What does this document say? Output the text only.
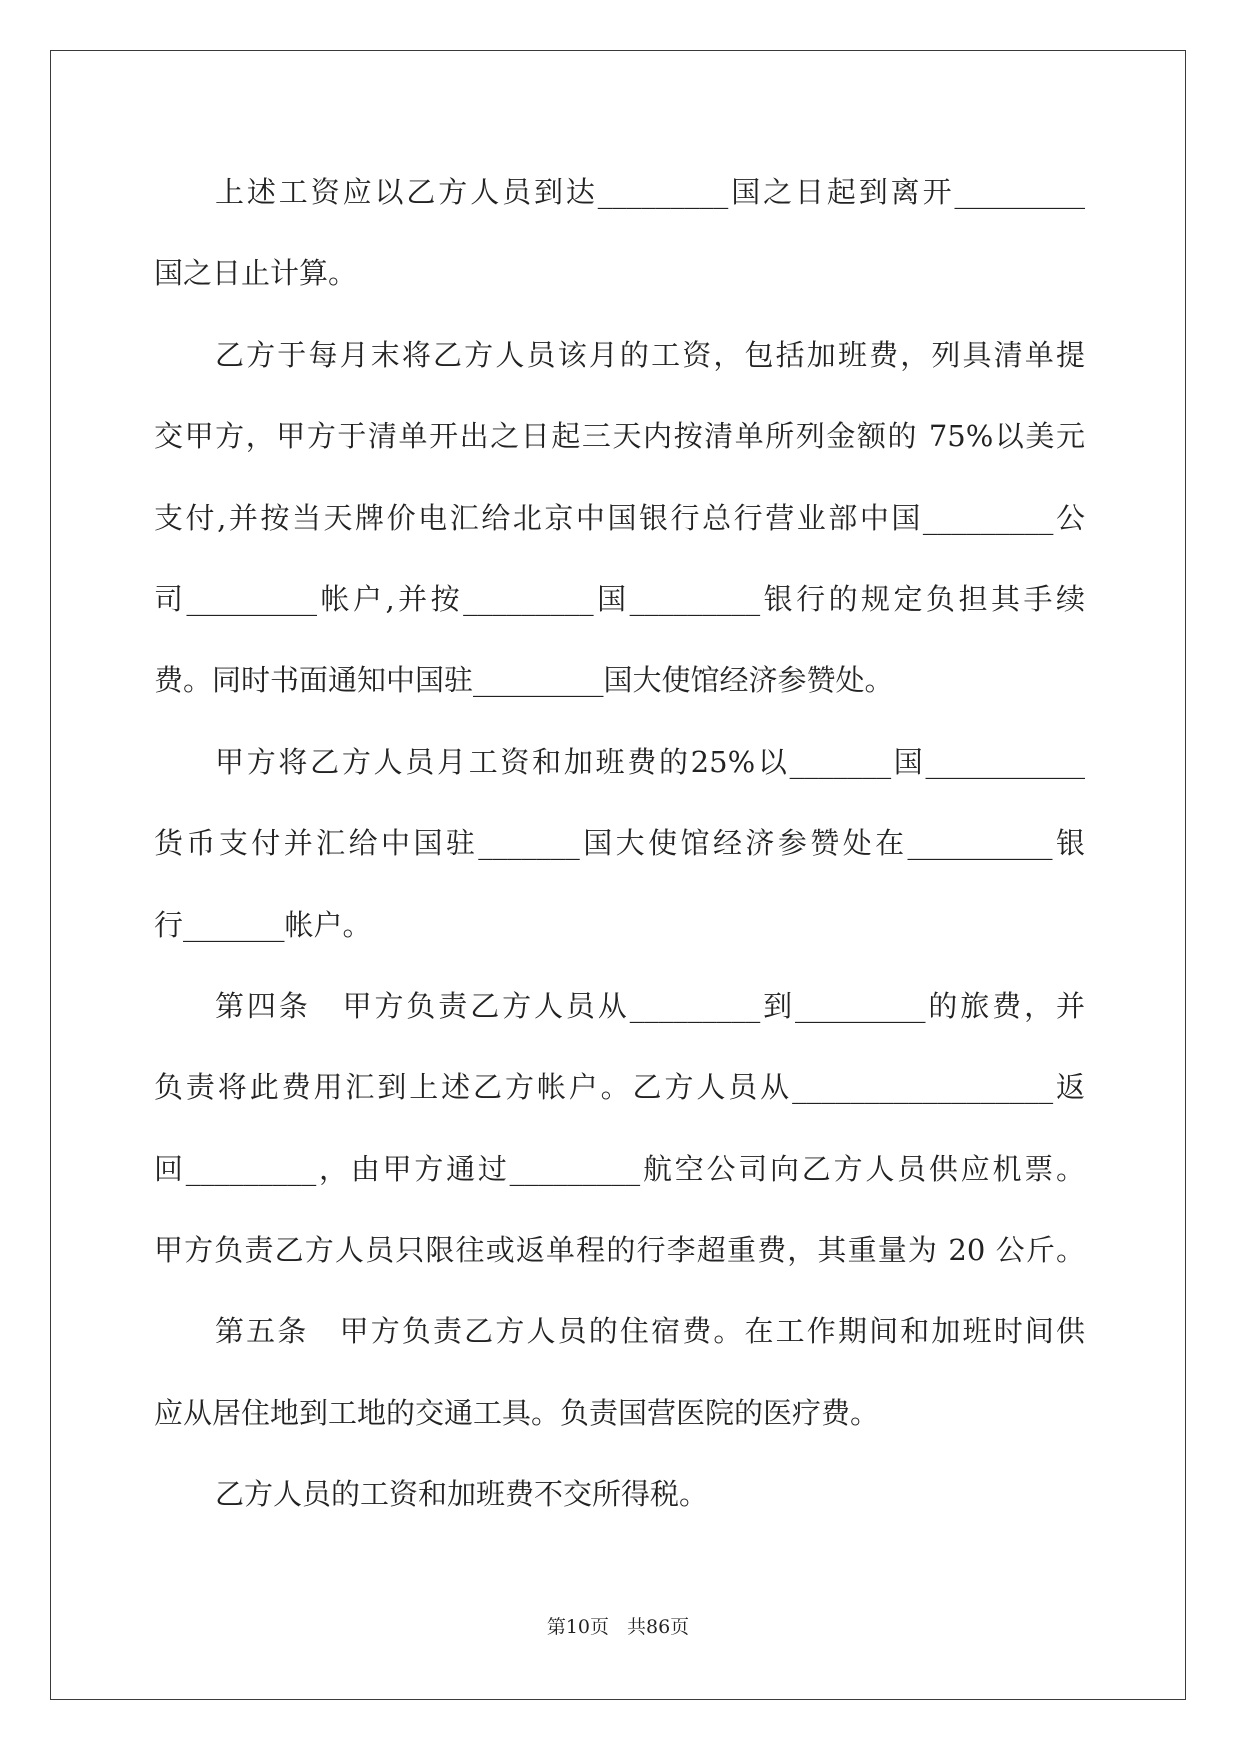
上述工资应以乙方人员到达_________国之日起到离开_________
国之日止计算。
乙方于每月末将乙方人员该月的工资，包括加班费，列具清单提
交甲方，甲方于清单开出之日起三天内按清单所列金额的 75%以美元
支付,并按当天牌价电汇给北京中国银行总行营业部中国_________公
司_________帐户,并按_________国_________银行的规定负担其手续
费。同时书面通知中国驻_________国大使馆经济参赞处。
甲方将乙方人员月工资和加班费的25%以_______国___________
货币支付并汇给中国驻_______国大使馆经济参赞处在__________银
行_______帐户。
第四条　甲方负责乙方人员从_________到_________的旅费，并
负责将此费用汇到上述乙方帐户。乙方人员从__________________返
回_________，由甲方通过_________航空公司向乙方人员供应机票。
甲方负责乙方人员只限往或返单程的行李超重费，其重量为 20 公斤。
第五条　甲方负责乙方人员的住宿费。在工作期间和加班时间供
应从居住地到工地的交通工具。负责国营医院的医疗费。
乙方人员的工资和加班费不交所得税。
第10页 共86页
